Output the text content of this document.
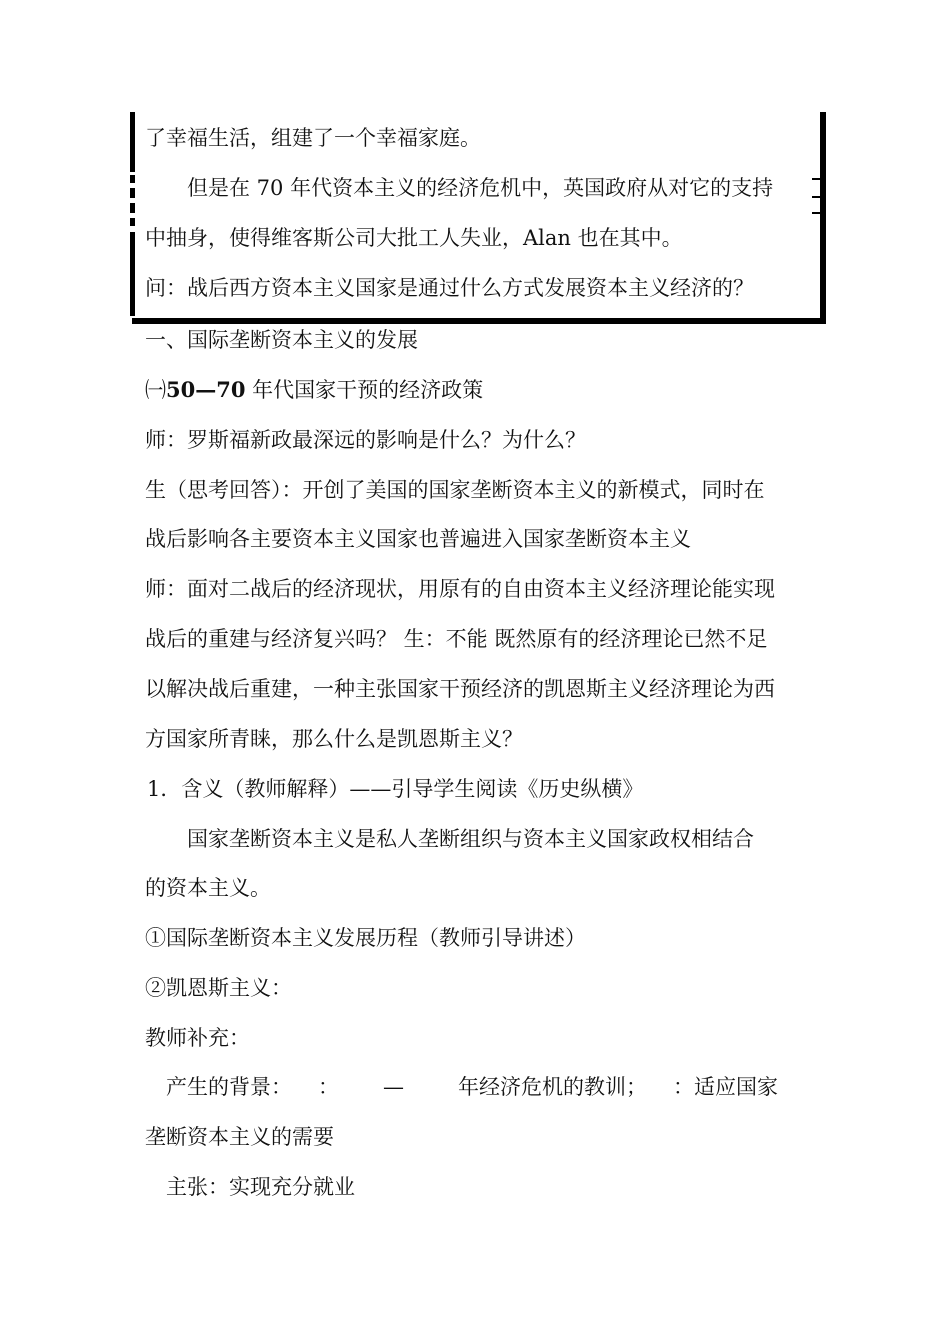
了幸福生活，组建了一个幸福家庭。
但是在 70 年代资本主义的经济危机中，英国政府从对它的支持
中抽身，使得维客斯公司大批工人失业，Alan 也在其中。
问：战后西方资本主义国家是通过什么方式发展资本主义经济的？
一、国际垄断资本主义的发展
㈠50—70 年代国家干预的经济政策
师：罗斯福新政最深远的影响是什么？为什么？
生（思考回答）：开创了美国的国家垄断资本主义的新模式，同时在
战后影响各主要资本主义国家也普遍进入国家垄断资本主义
师：面对二战后的经济现状，用原有的自由资本主义经济理论能实现
战后的重建与经济复兴吗？ 生：不能 既然原有的经济理论已然不足
以解决战后重建，一种主张国家干预经济的凯恩斯主义经济理论为西
方国家所青睐，那么什么是凯恩斯主义？
1．含义（教师解释）——引导学生阅读《历史纵横》
国家垄断资本主义是私人垄断组织与资本主义国家政权相结合
的资本主义。
①国际垄断资本主义发展历程（教师引导讲述）
②凯恩斯主义：
教师补充：
产生的背景： ： —	年经济危机的教训； ：适应国家
垄断资本主义的需要
主张：实现充分就业
